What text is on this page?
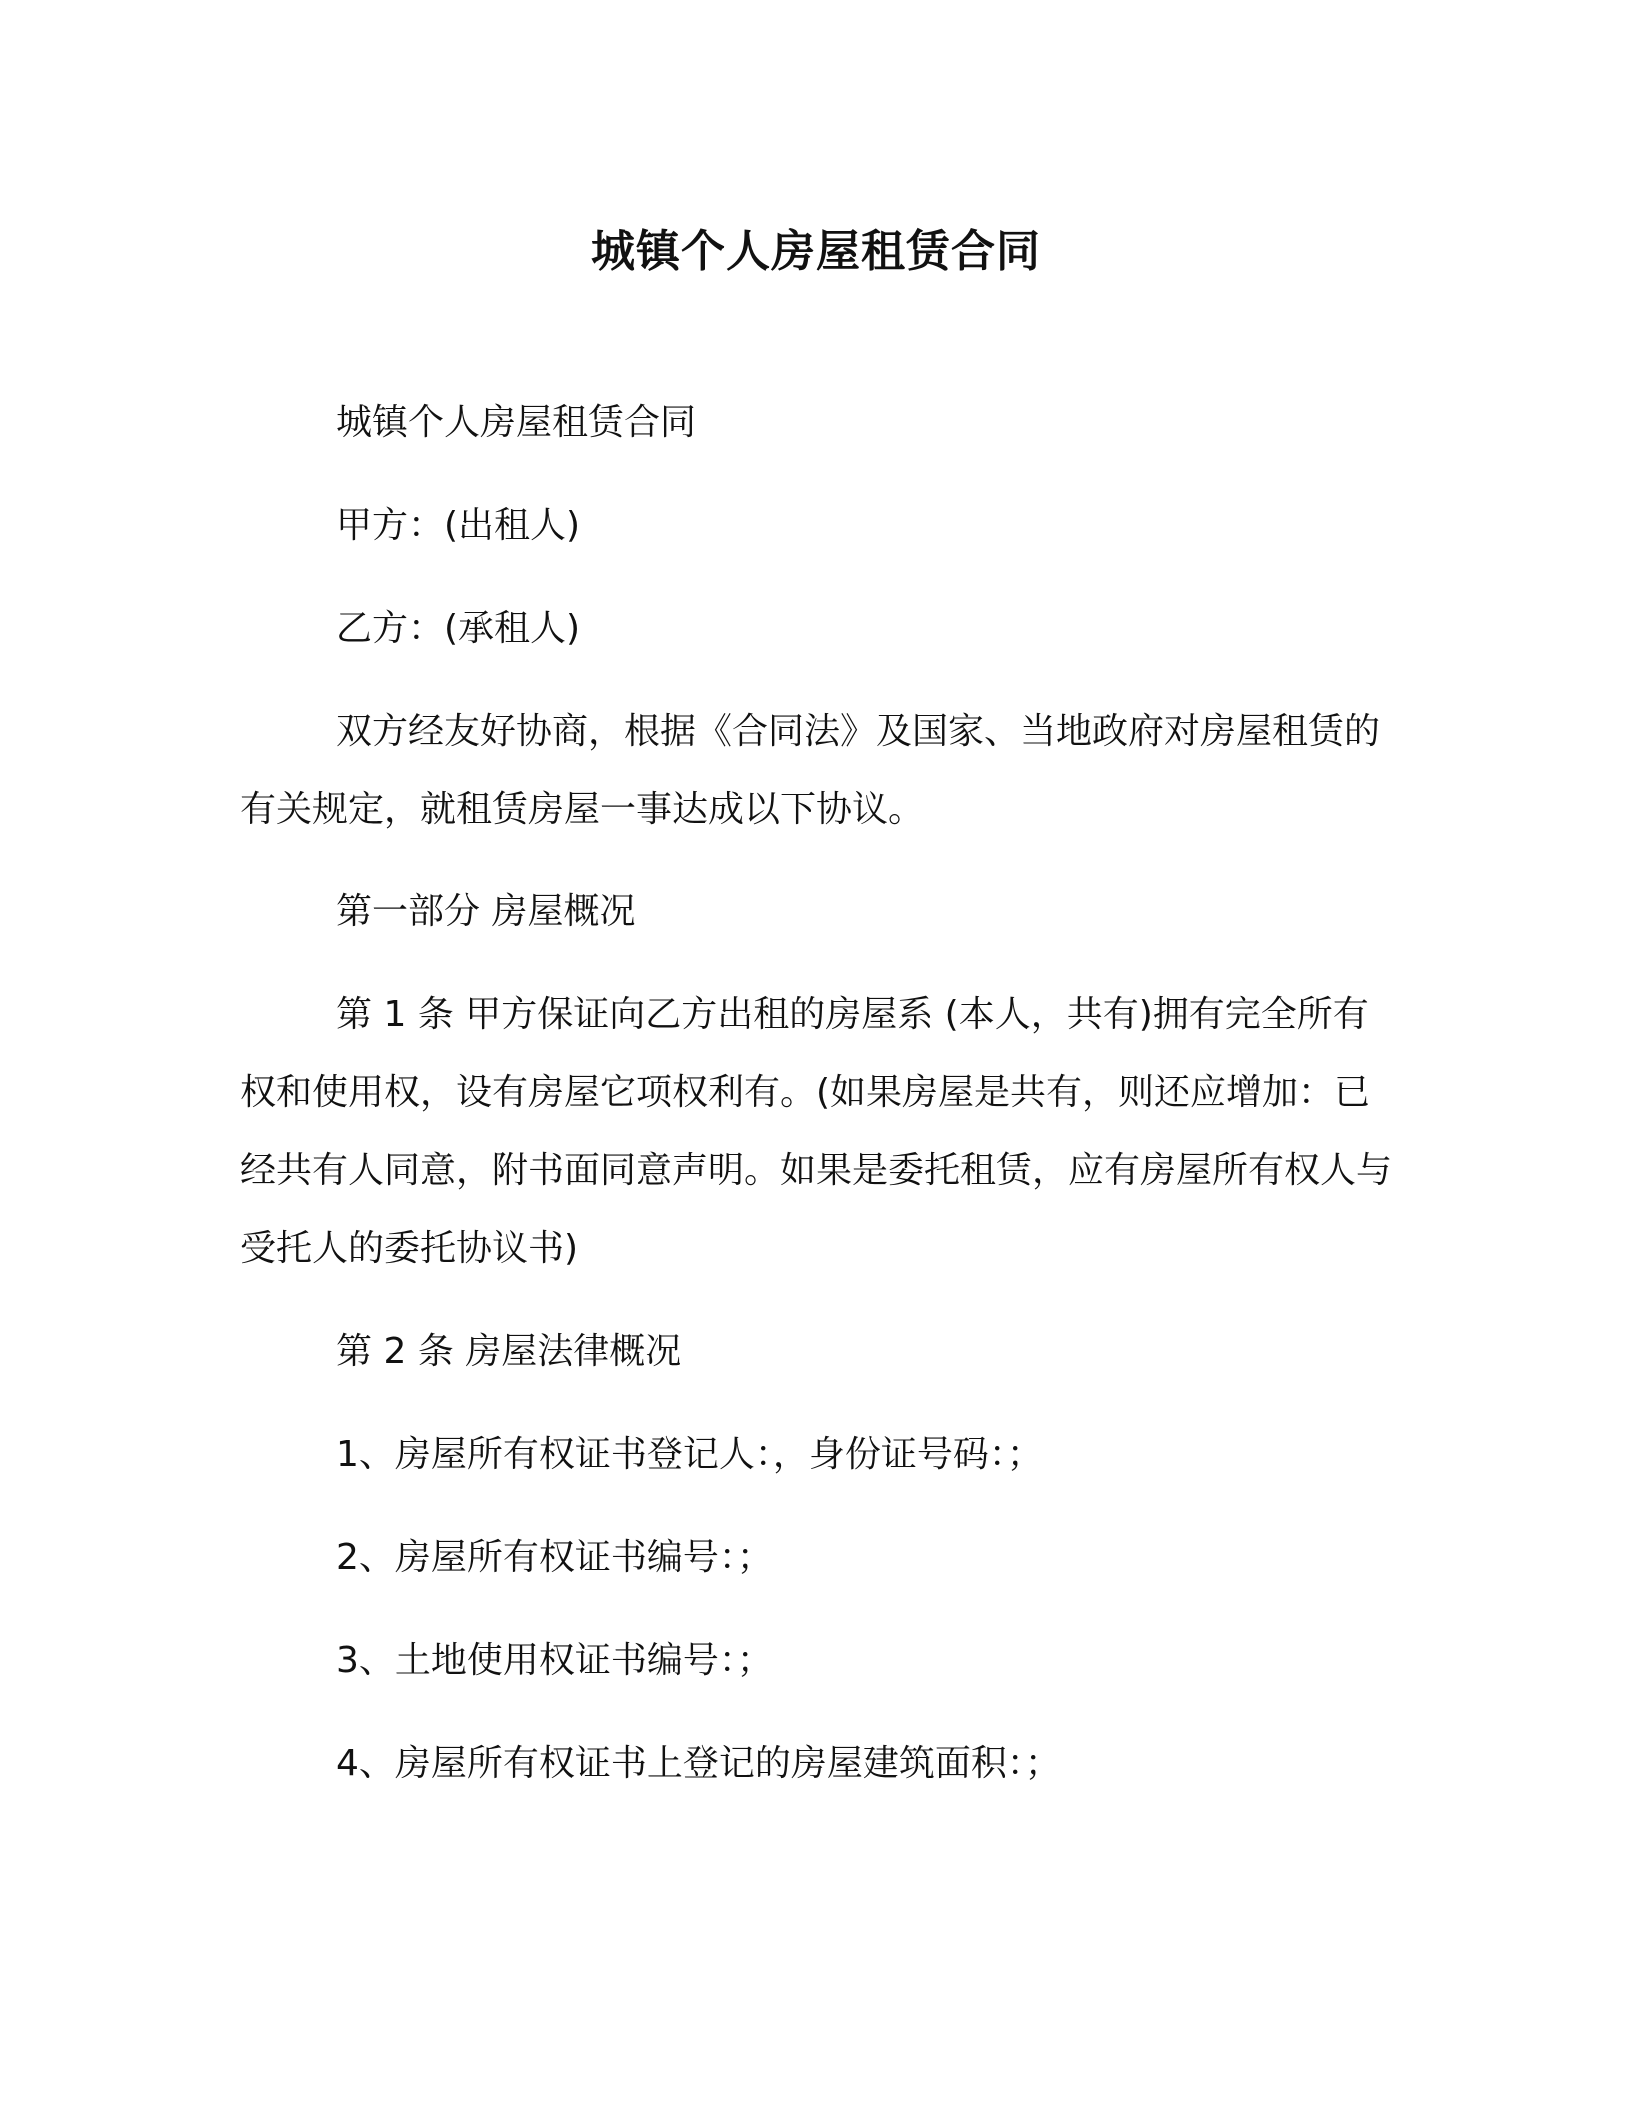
城镇个人房屋租赁合同
城镇个人房屋租赁合同
甲方：(出租人)
乙方：(承租人)
双方经友好协商，根据《合同法》及国家、当地政府对房屋租赁的有关规定，就租赁房屋一事达成以下协议。
第一部分 房屋概况
第 1 条 甲方保证向乙方出租的房屋系 (本人，共有)拥有完全所有权和使用权，设有房屋它项权利有。(如果房屋是共有，则还应增加：已经共有人同意，附书面同意声明。如果是委托租赁，应有房屋所有权人与受托人的委托协议书)
第 2 条 房屋法律概况
1、房屋所有权证书登记人：，身份证号码：；
2、房屋所有权证书编号：；
3、土地使用权证书编号：；
4、房屋所有权证书上登记的房屋建筑面积：；
